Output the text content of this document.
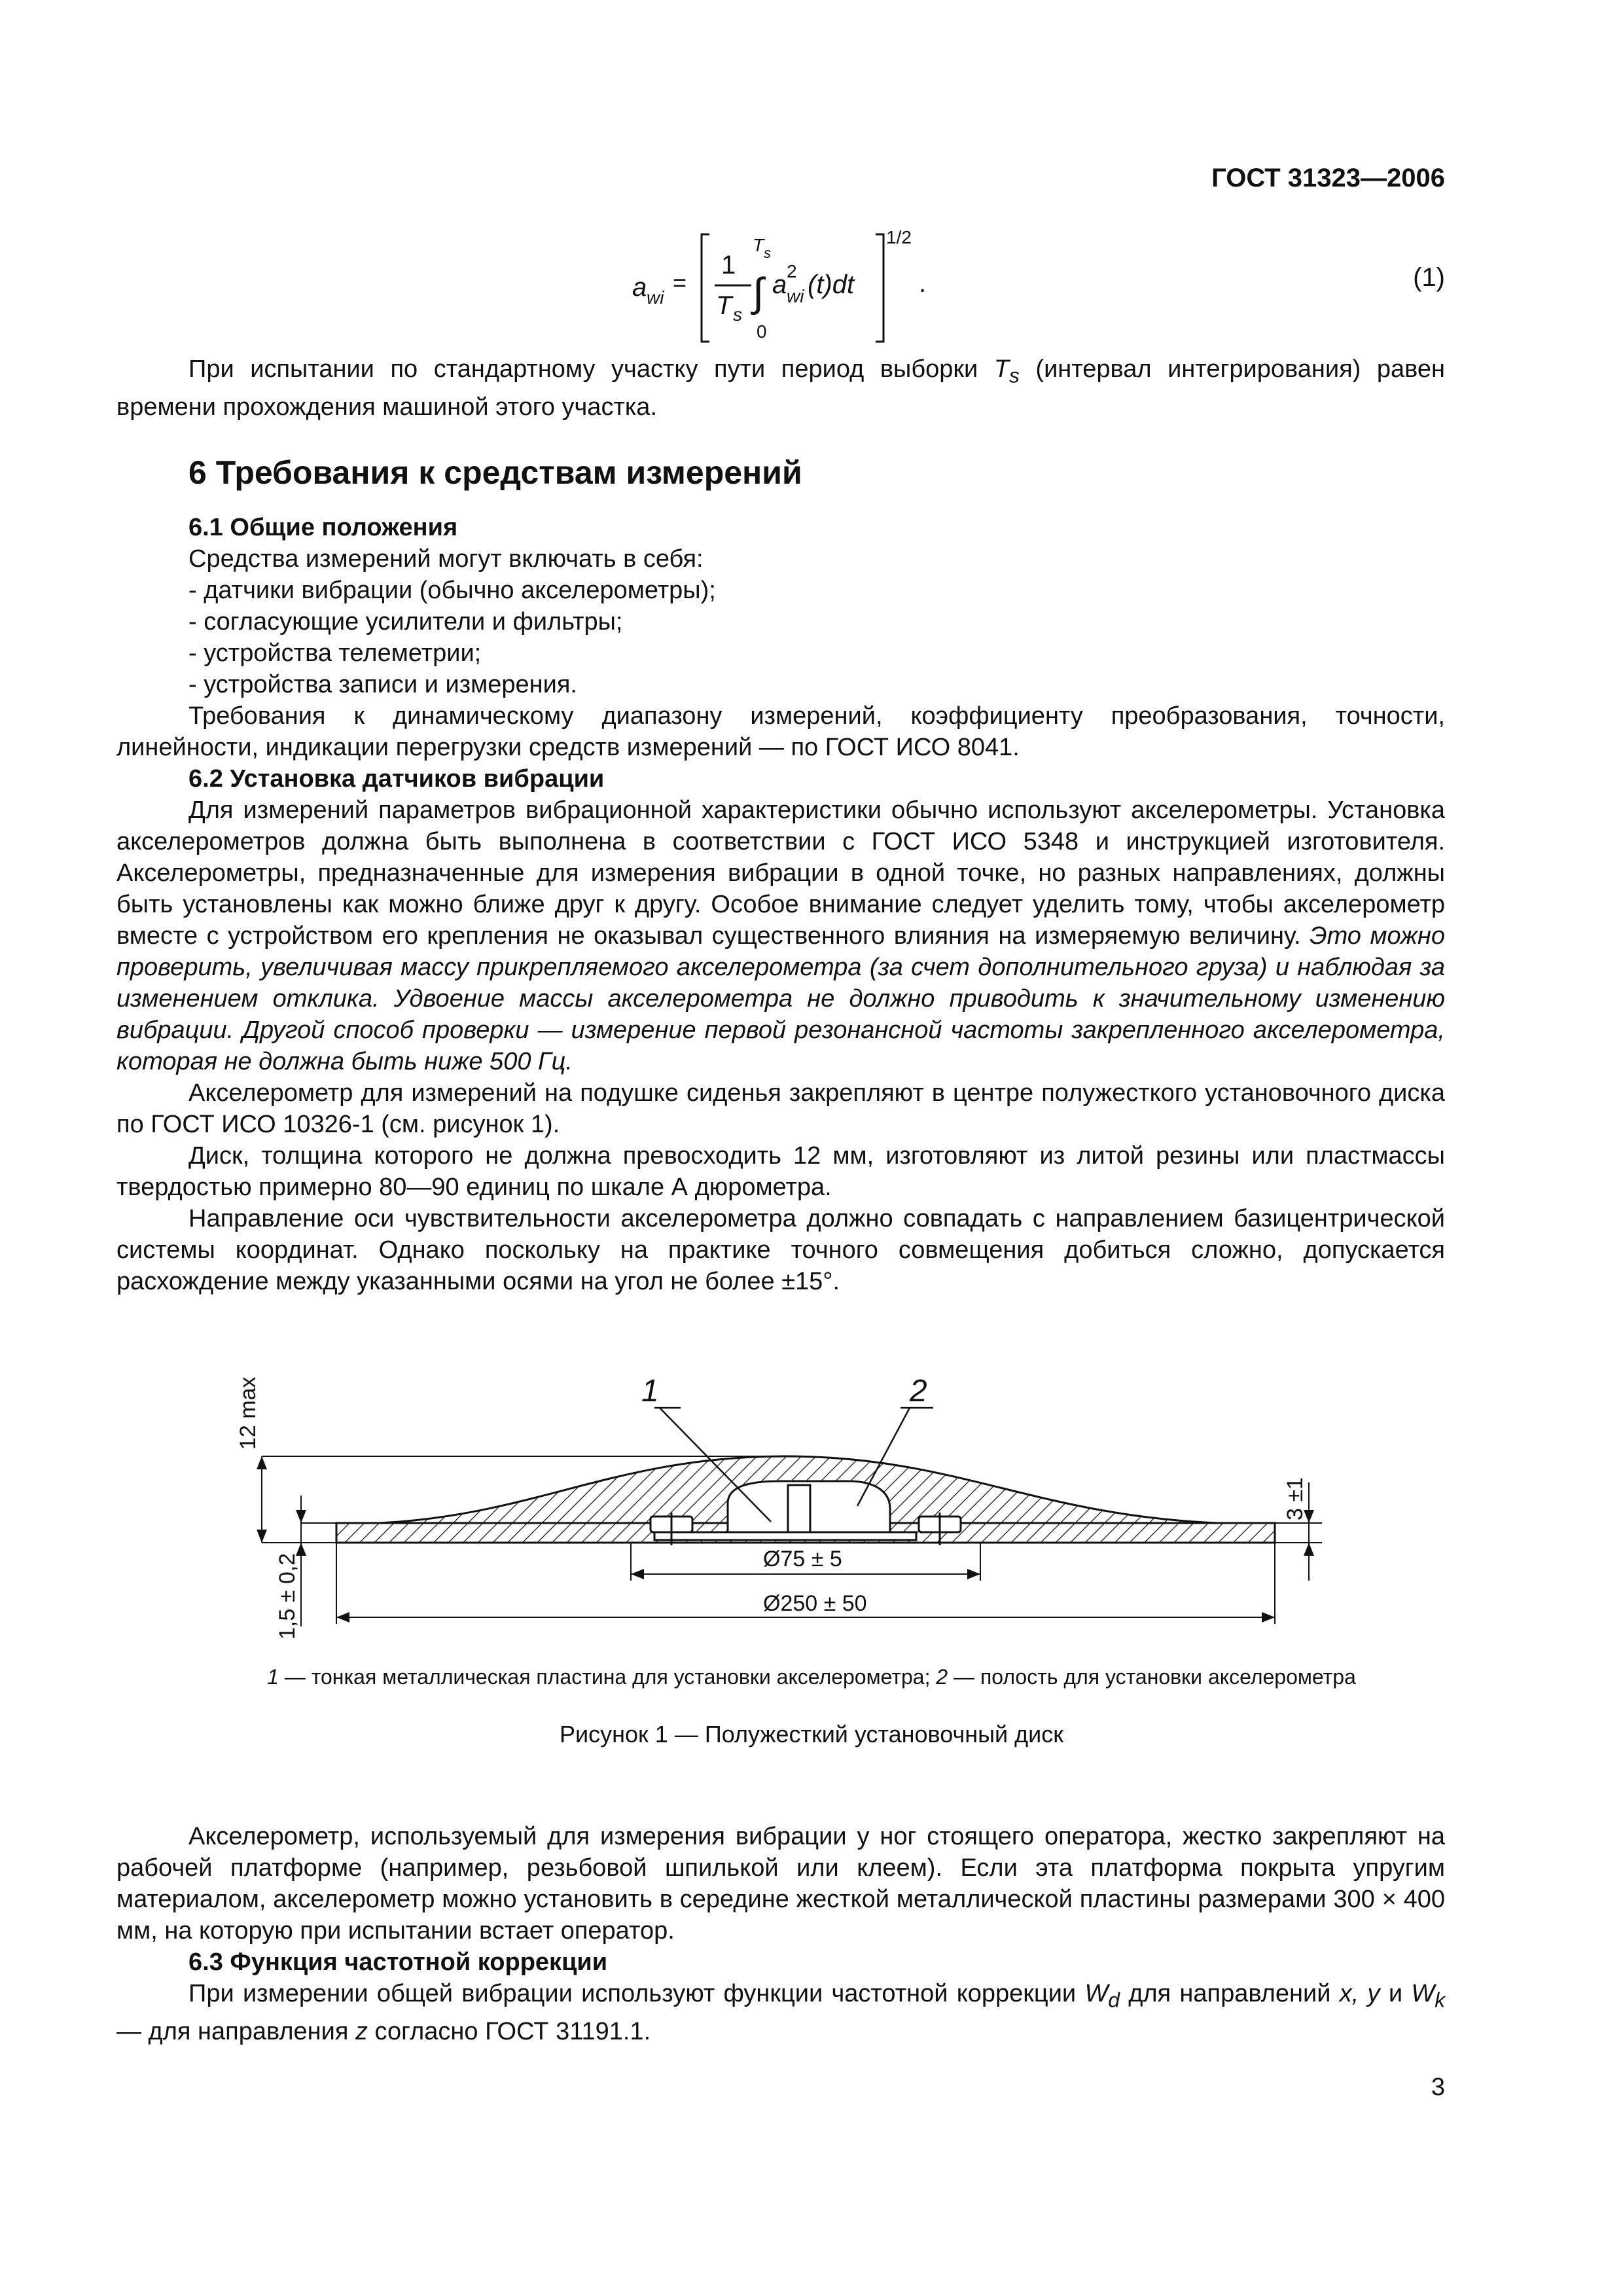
ГОСТ 31323—2006
a wi
=
1
T s
T s
∫
0
a 2
wi (t)dt
1/2
.	(1)

При испытании по стандартному участку пути период выборки $T_s$ (интервал интегрирования) равен времени прохождения машиной этого участка.

6 Требования к средствам измерений
6.1 Общие положения

Средства измерений могут включать в себя:

- датчики вибрации (обычно акселерометры);
- согласующие усилители и фильтры;
- устройства телеметрии;
- устройства записи и измерения.

Требования к динамическому диапазону измерений, коэффициенту преобразования, точности, линейности, индикации перегрузки средств измерений — по ГОСТ ИСО 8041.

6.2 Установка датчиков вибрации

Для измерений параметров вибрационной характеристики обычно используют акселерометры. Установка акселерометров должна быть выполнена в соответствии с ГОСТ ИСО 5348 и инструкцией изготовителя. Акселерометры, предназначенные для измерения вибрации в одной точке, но разных направлениях, должны быть установлены как можно ближе друг к другу. Особое внимание следует уделить тому, чтобы акселерометр вместе с устройством его крепления не оказывал существенного влияния на измеряемую величину. Это можно проверить, увеличивая массу прикрепляемого акселерометра (за счет дополнительного груза) и наблюдая за изменением отклика. Удвоение массы акселерометра не должно приводить к значительному изменению вибрации. Другой способ проверки — измерение первой резонансной частоты закрепленного акселерометра, которая не должна быть ниже 500 Гц.

Акселерометр для измерений на подушке сиденья закрепляют в центре полужесткого установочного диска по ГОСТ ИСО 10326-1 (см. рисунок 1).

Диск, толщина которого не должна превосходить 12 мм, изготовляют из литой резины или пластмассы твердостью примерно 80—90 единиц по шкале А дюрометра.

Направление оси чувствительности акселерометра должно совпадать с направлением базицентрической системы координат. Однако поскольку на практике точного совмещения добиться сложно, допускается расхождение между указанными осями на угол не более ±15°.

1	2
12 max
1,5 ± 0,2
3 ±1
Ø75 ± 5
Ø250 ± 50
1 — тонкая металлическая пластина для установки акселерометра; 2 — полость для установки акселерометра
Рисунок 1 — Полужесткий установочный диск

Акселерометр, используемый для измерения вибрации у ног стоящего оператора, жестко закрепляют на рабочей платформе (например, резьбовой шпилькой или клеем). Если эта платформа покрыта упругим материалом, акселерометр можно установить в середине жесткой металлической пластины размерами 300 × 400 мм, на которую при испытании встает оператор.

6.3 Функция частотной коррекции

При измерении общей вибрации используют функции частотной коррекции $W_d$ для направлений x, y и $W_k$ — для направления z согласно ГОСТ 31191.1.

3
